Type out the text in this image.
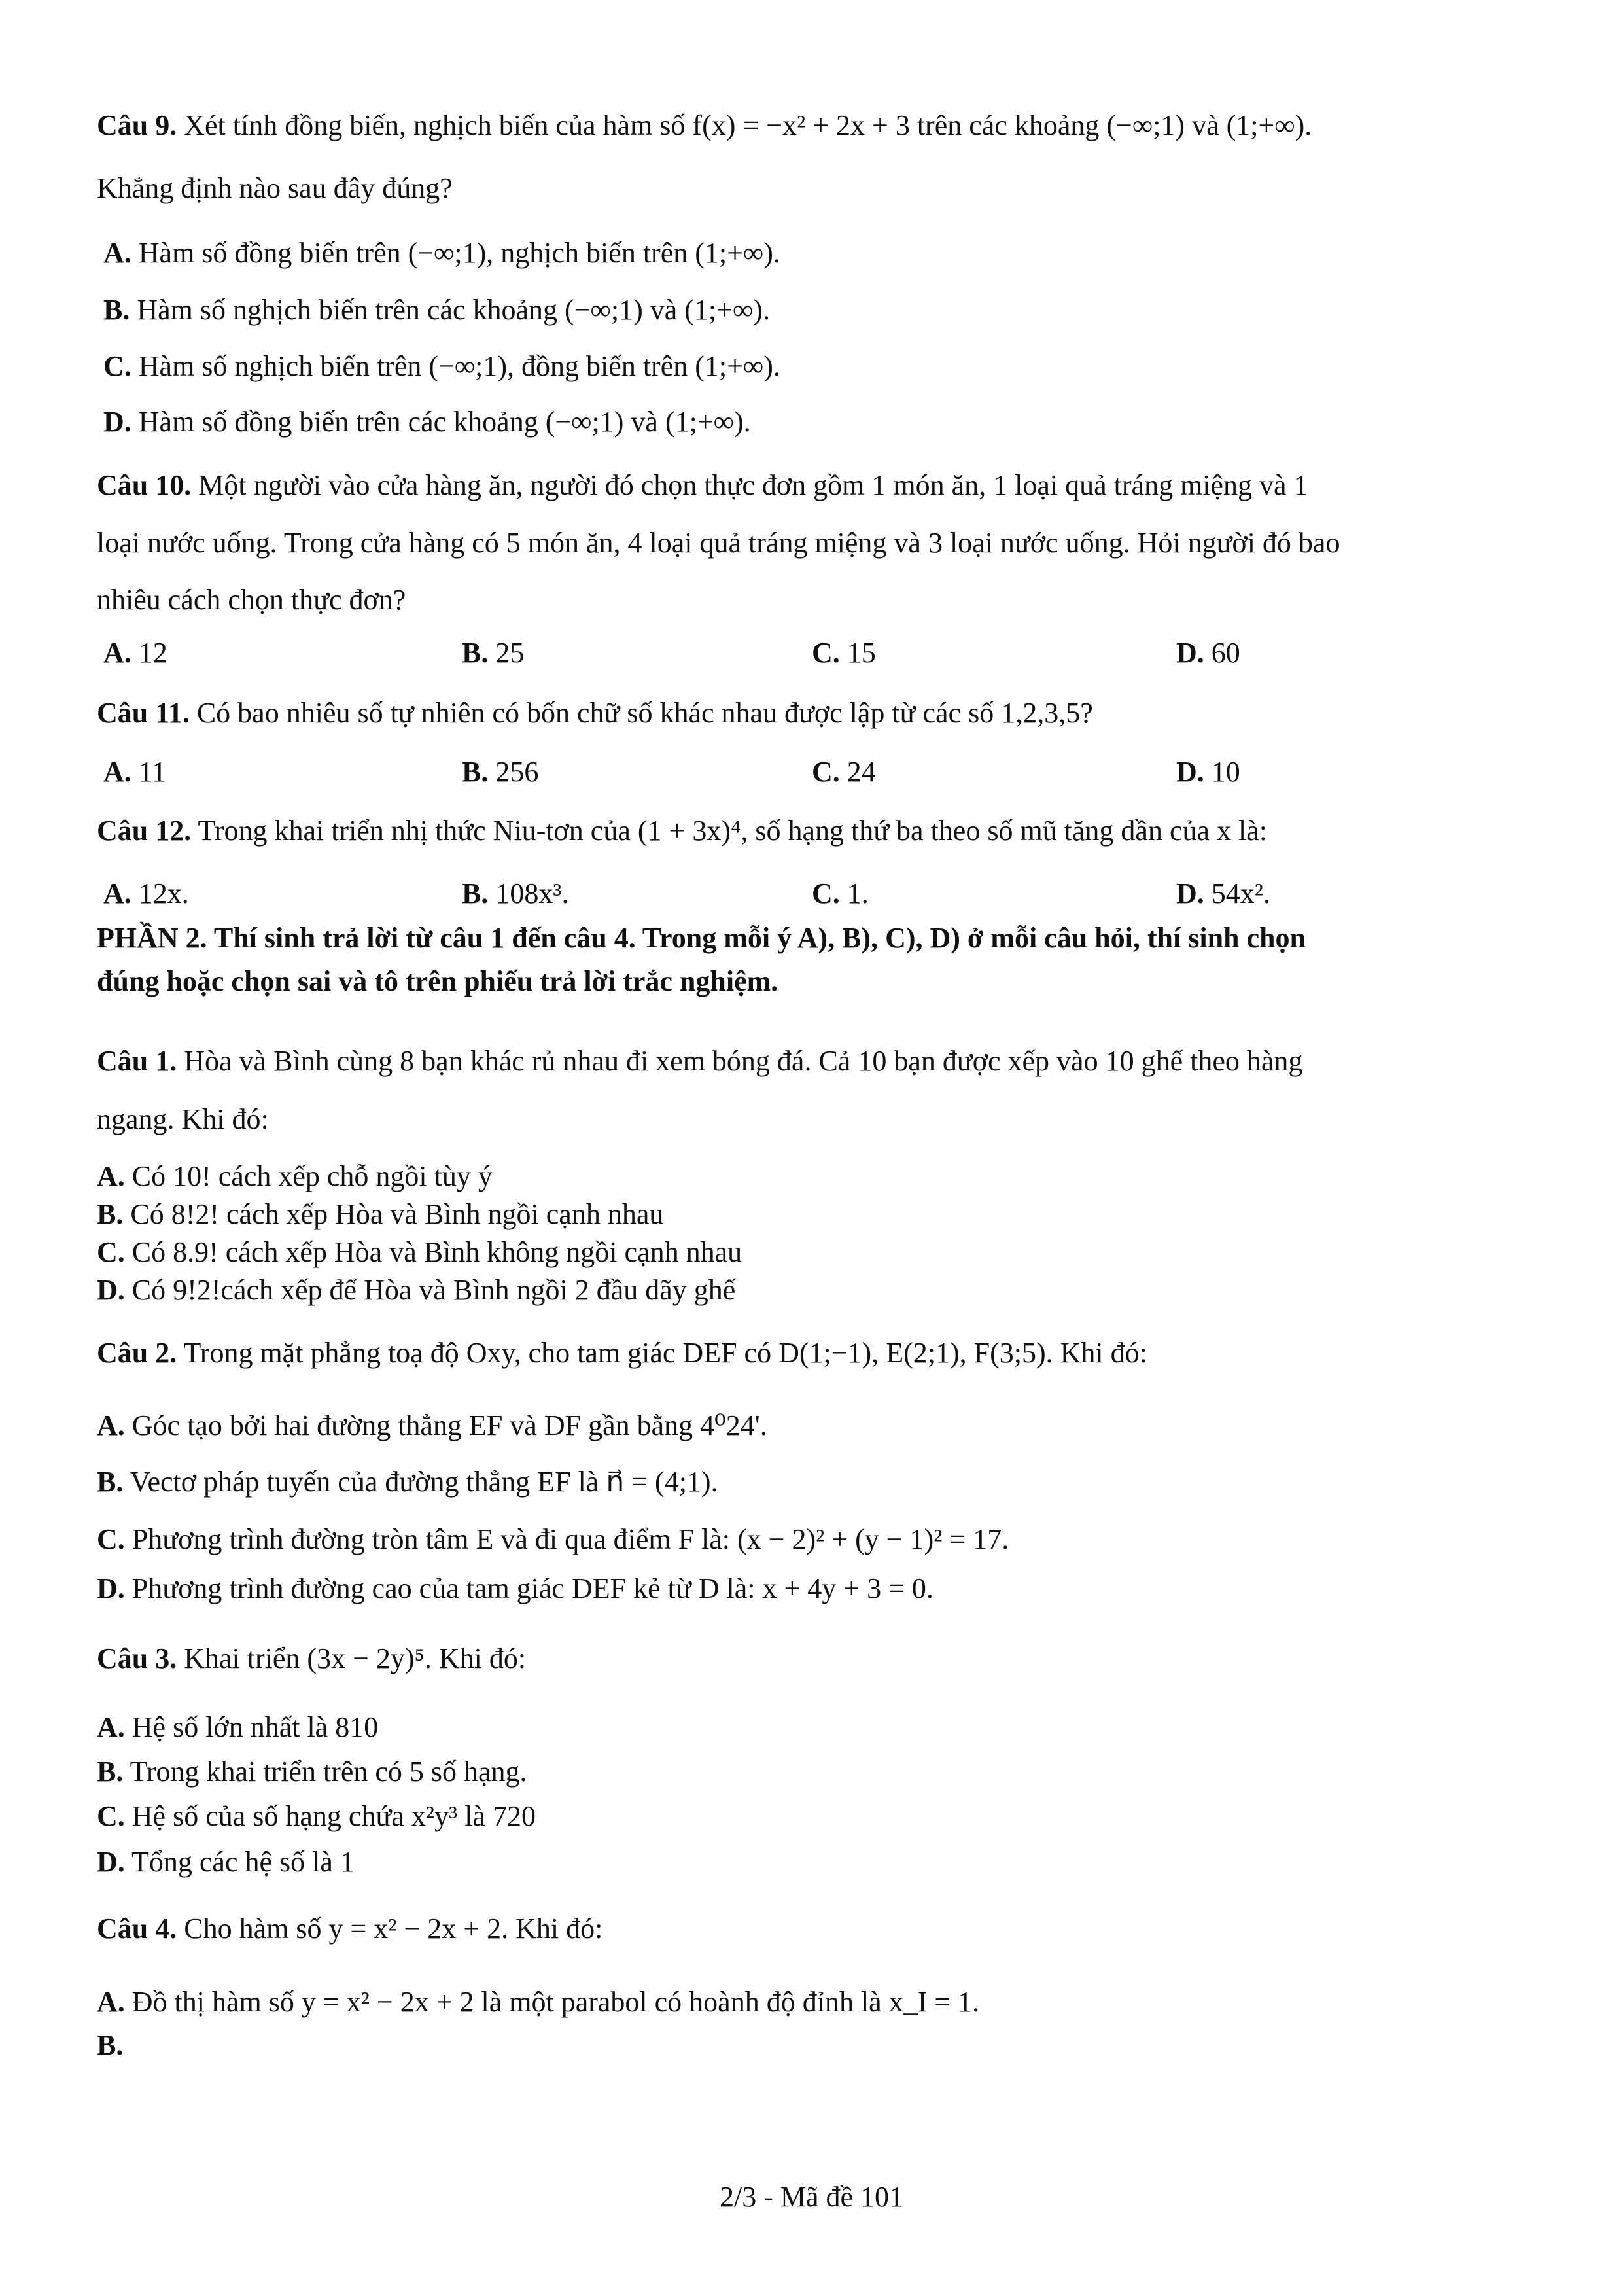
Câu 9. Xét tính đồng biến, nghịch biến của hàm số f(x) = −x² + 2x + 3 trên các khoảng (−∞;1) và (1;+∞).
Khẳng định nào sau đây đúng?
A. Hàm số đồng biến trên (−∞;1), nghịch biến trên (1;+∞).
B. Hàm số nghịch biến trên các khoảng (−∞;1) và (1;+∞).
C. Hàm số nghịch biến trên (−∞;1), đồng biến trên (1;+∞).
D. Hàm số đồng biến trên các khoảng (−∞;1) và (1;+∞).
Câu 10. Một người vào cửa hàng ăn, người đó chọn thực đơn gồm 1 món ăn, 1 loại quả tráng miệng và 1
loại nước uống. Trong cửa hàng có 5 món ăn, 4 loại quả tráng miệng và 3 loại nước uống. Hỏi người đó bao
nhiêu cách chọn thực đơn?
A. 12	B. 25	C. 15	D. 60
Câu 11. Có bao nhiêu số tự nhiên có bốn chữ số khác nhau được lập từ các số 1,2,3,5?
A. 11	B. 256	C. 24	D. 10
Câu 12. Trong khai triển nhị thức Niu-tơn của (1 + 3x)⁴, số hạng thứ ba theo số mũ tăng dần của x là:
A. 12x.	B. 108x³.	C. 1.	D. 54x².
PHẦN 2. Thí sinh trả lời từ câu 1 đến câu 4. Trong mỗi ý A), B), C), D) ở mỗi câu hỏi, thí sinh chọn
đúng hoặc chọn sai và tô trên phiếu trả lời trắc nghiệm.
Câu 1. Hòa và Bình cùng 8 bạn khác rủ nhau đi xem bóng đá. Cả 10 bạn được xếp vào 10 ghế theo hàng
ngang. Khi đó:
A. Có 10! cách xếp chỗ ngồi tùy ý
B. Có 8!2! cách xếp Hòa và Bình ngồi cạnh nhau
C. Có 8.9! cách xếp Hòa và Bình không ngồi cạnh nhau
D. Có 9!2!cách xếp để Hòa và Bình ngồi 2 đầu dãy ghế
Câu 2. Trong mặt phẳng toạ độ Oxy, cho tam giác DEF có D(1;−1), E(2;1), F(3;5). Khi đó:
A. Góc tạo bởi hai đường thẳng EF và DF gần bằng 4⁰24'.
B. Vectơ pháp tuyến của đường thẳng EF là n⃗ = (4;1).
C. Phương trình đường tròn tâm E và đi qua điểm F là: (x − 2)² + (y − 1)² = 17.
D. Phương trình đường cao của tam giác DEF kẻ từ D là: x + 4y + 3 = 0.
Câu 3. Khai triển (3x − 2y)⁵. Khi đó:
A. Hệ số lớn nhất là 810
B. Trong khai triển trên có 5 số hạng.
C. Hệ số của số hạng chứa x²y³ là 720
D. Tổng các hệ số là 1
Câu 4. Cho hàm số y = x² − 2x + 2. Khi đó:
A. Đồ thị hàm số y = x² − 2x + 2 là một parabol có hoành độ đỉnh là x_I = 1.
B.
2/3 - Mã đề 101
